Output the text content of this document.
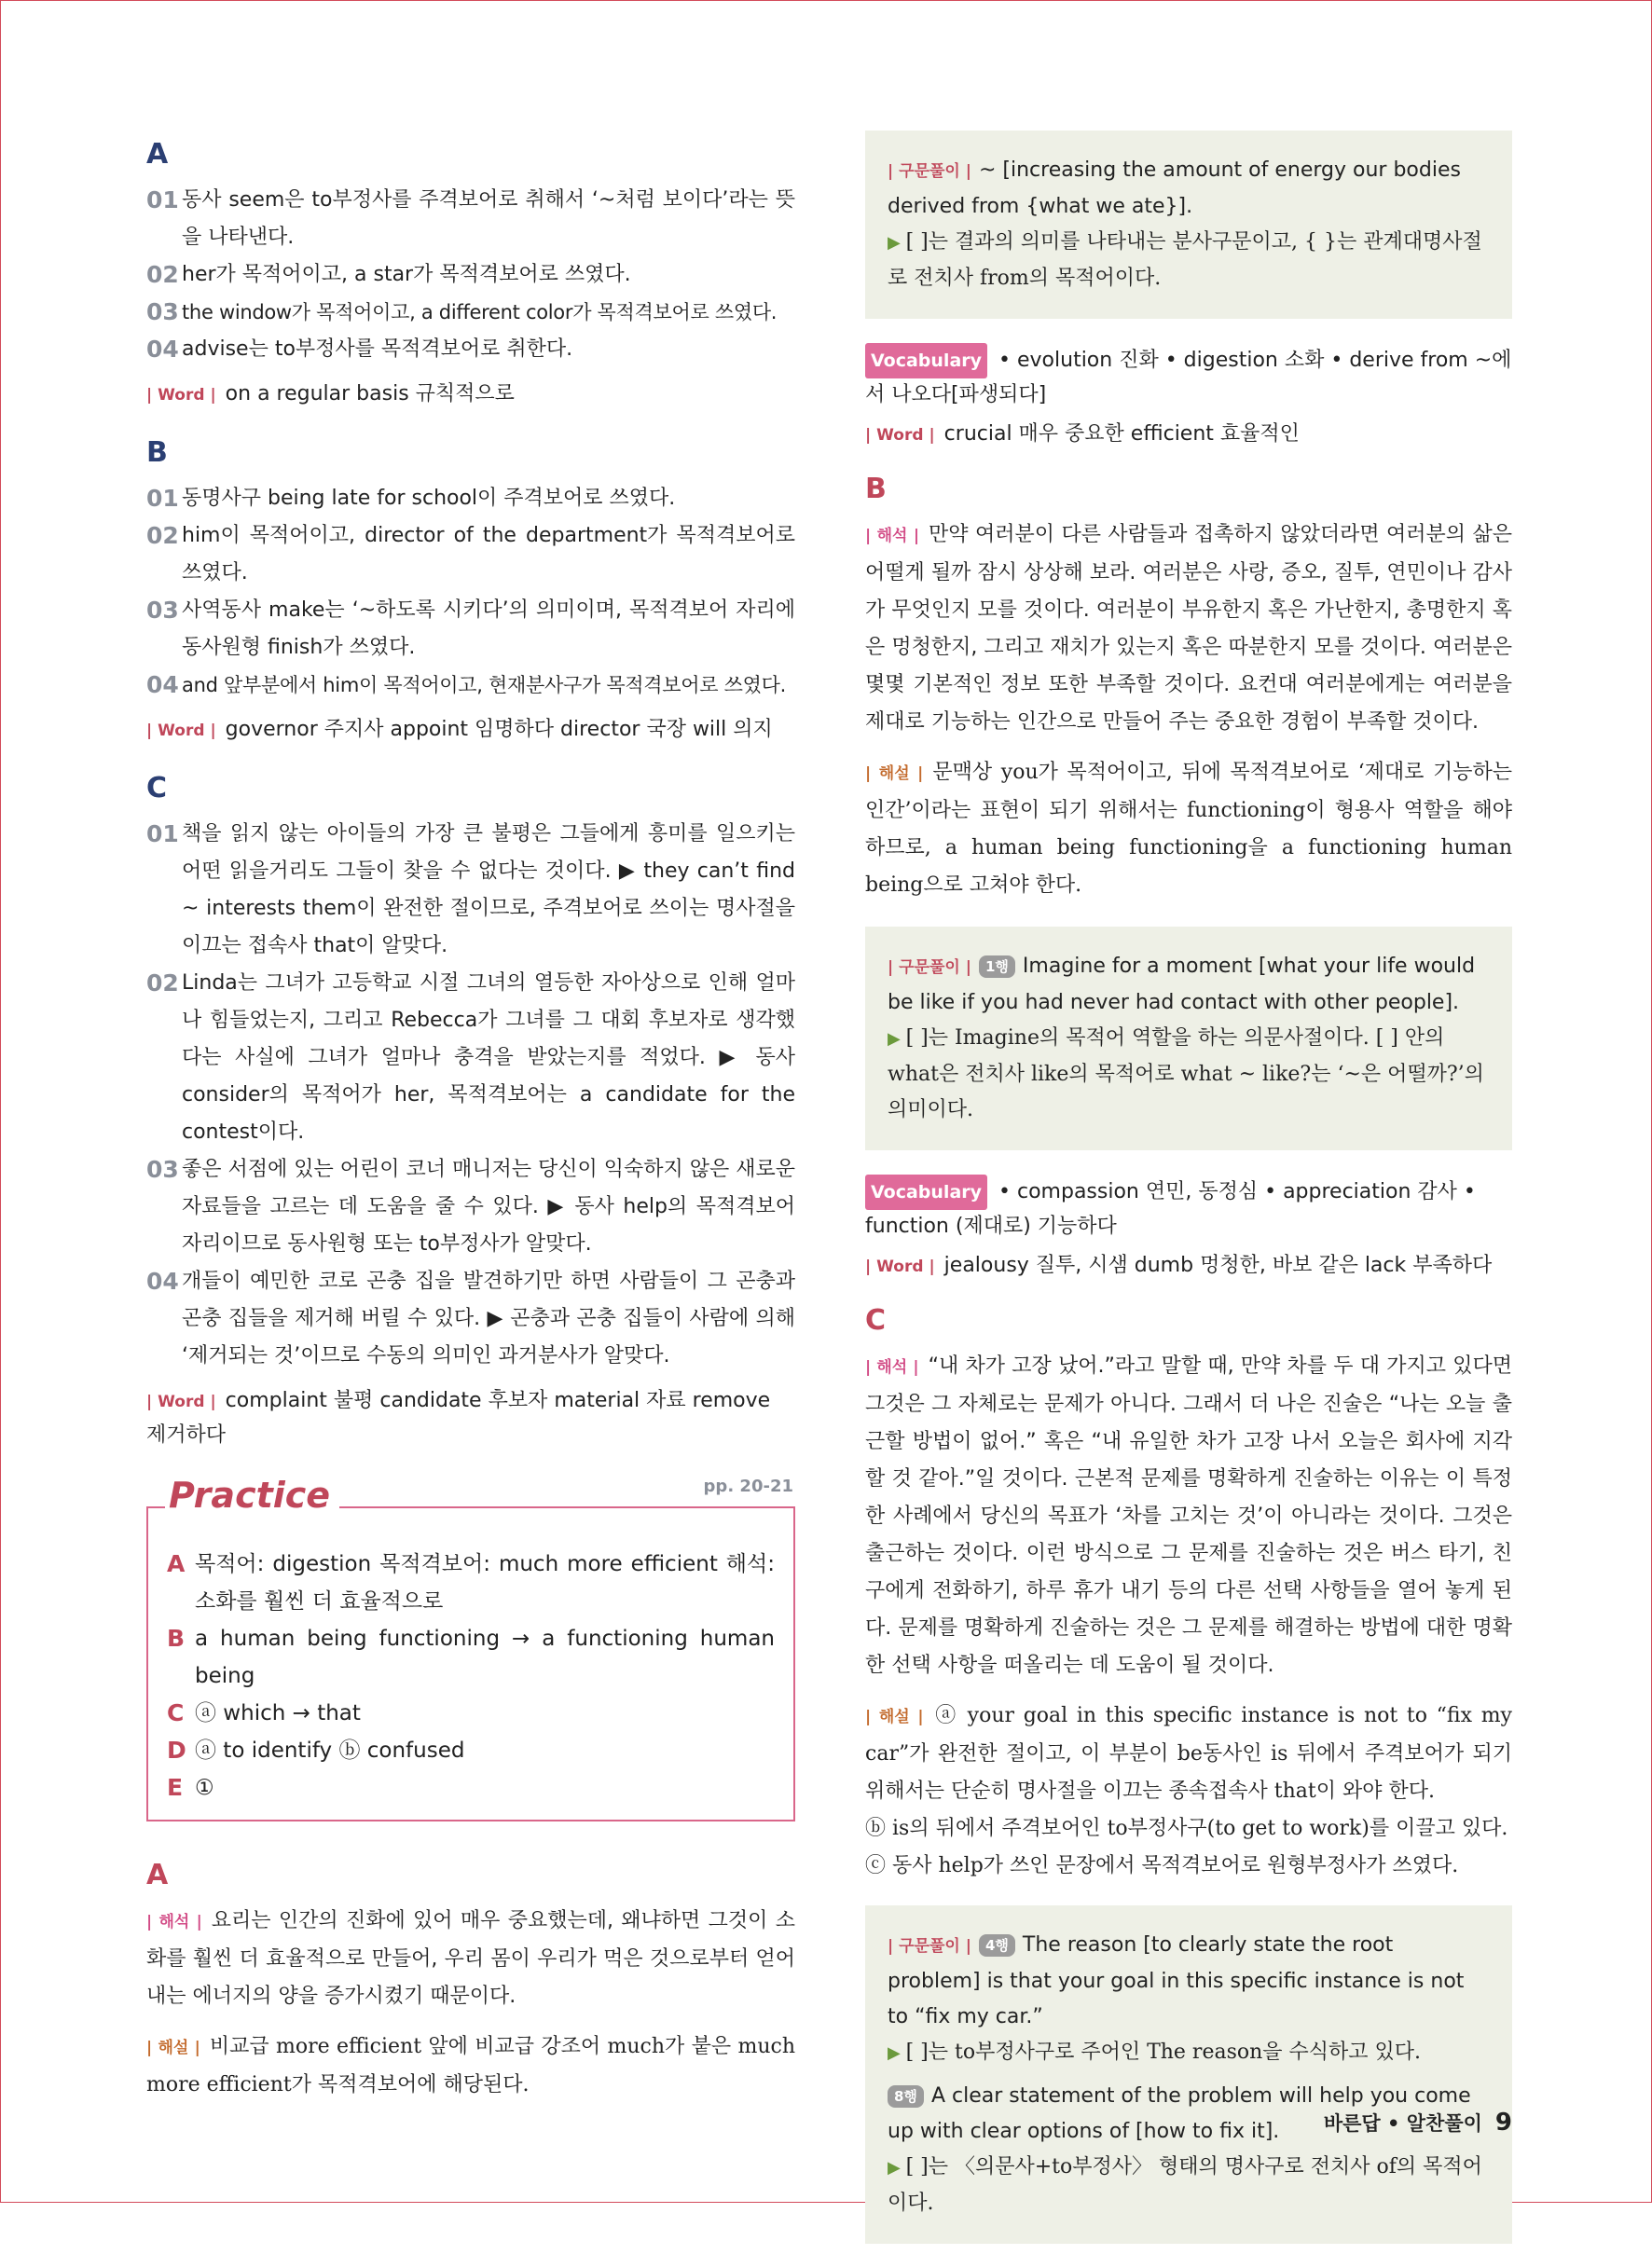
A
01 동사 seem은 to부정사를 주격보어로 취해서 ‘~처럼 보이다’라는 뜻을 나타낸다.
02 her가 목적어이고, a star가 목적격보어로 쓰였다.
03 the window가 목적어이고, a different color가 목적격보어로 쓰였다.
04 advise는 to부정사를 목적격보어로 취한다.
| Word | on a regular basis 규칙적으로
B
01 동명사구 being late for school이 주격보어로 쓰였다.
02 him이 목적어이고, director of the department가 목적격보어로 쓰였다.
03 사역동사 make는 ‘~하도록 시키다’의 의미이며, 목적격보어 자리에 동사원형 finish가 쓰였다.
04 and 앞부분에서 him이 목적어이고, 현재분사구가 목적격보어로 쓰였다.
| Word | governor 주지사 appoint 임명하다 director 국장 will 의지
C
01 책을 읽지 않는 아이들의 가장 큰 불평은 그들에게 흥미를 일으키는 어떤 읽을거리도 그들이 찾을 수 없다는 것이다. ▶ they can’t find ~ interests them이 완전한 절이므로, 주격보어로 쓰이는 명사절을 이끄는 접속사 that이 알맞다.
02 Linda는 그녀가 고등학교 시절 그녀의 열등한 자아상으로 인해 얼마나 힘들었는지, 그리고 Rebecca가 그녀를 그 대회 후보자로 생각했다는 사실에 그녀가 얼마나 충격을 받았는지를 적었다. ▶ 동사 consider의 목적어가 her, 목적격보어는 a candidate for the contest이다.
03 좋은 서점에 있는 어린이 코너 매니저는 당신이 익숙하지 않은 새로운 자료들을 고르는 데 도움을 줄 수 있다. ▶ 동사 help의 목적격보어 자리이므로 동사원형 또는 to부정사가 알맞다.
04 개들이 예민한 코로 곤충 집을 발견하기만 하면 사람들이 그 곤충과 곤충 집들을 제거해 버릴 수 있다. ▶ 곤충과 곤충 집들이 사람에 의해 ‘제거되는 것’이므로 수동의 의미인 과거분사가 알맞다.
| Word | complaint 불평 candidate 후보자 material 자료 remove 제거하다
Practice	pp. 20-21
A 목적어: digestion 목적격보어: much more efficient 해석: 소화를 훨씬 더 효율적으로
B a human being functioning → a functioning human being
C ⓐ which → that
D ⓐ to identify ⓑ confused
E ①
A

| 해석 | 요리는 인간의 진화에 있어 매우 중요했는데, 왜냐하면 그것이 소화를 훨씬 더 효율적으로 만들어, 우리 몸이 우리가 먹은 것으로부터 얻어내는 에너지의 양을 증가시켰기 때문이다.

| 해설 | 비교급 more efficient 앞에 비교급 강조어 much가 붙은 much more efficient가 목적격보어에 해당된다.

| 구문풀이 | ~ [increasing the amount of energy our bodies derived from {what we ate}].

▶ [ ]는 결과의 의미를 나타내는 분사구문이고, { }는 관계대명사절로 전치사 from의 목적어이다.

Vocabulary • evolution 진화 • digestion 소화 • derive from ~에서 나오다[파생되다]
| Word | crucial 매우 중요한 efficient 효율적인
B

| 해석 | 만약 여러분이 다른 사람들과 접촉하지 않았더라면 여러분의 삶은 어떨게 될까 잠시 상상해 보라. 여러분은 사랑, 증오, 질투, 연민이나 감사가 무엇인지 모를 것이다. 여러분이 부유한지 혹은 가난한지, 총명한지 혹은 멍청한지, 그리고 재치가 있는지 혹은 따분한지 모를 것이다. 여러분은 몇몇 기본적인 정보 또한 부족할 것이다. 요컨대 여러분에게는 여러분을 제대로 기능하는 인간으로 만들어 주는 중요한 경험이 부족할 것이다.

| 해설 | 문맥상 you가 목적어이고, 뒤에 목적격보어로 ‘제대로 기능하는 인간’이라는 표현이 되기 위해서는 functioning이 형용사 역할을 해야 하므로, a human being functioning을 a functioning human being으로 고쳐야 한다.

| 구문풀이 | 1행 Imagine for a moment [what your life would be like if you had never had contact with other people].

▶ [ ]는 Imagine의 목적어 역할을 하는 의문사절이다. [ ] 안의 what은 전치사 like의 목적어로 what ~ like?는 ‘~은 어떨까?’의 의미이다.

Vocabulary • compassion 연민, 동정심 • appreciation 감사 • function (제대로) 기능하다
| Word | jealousy 질투, 시샘 dumb 멍청한, 바보 같은 lack 부족하다
C

| 해석 | “내 차가 고장 났어.”라고 말할 때, 만약 차를 두 대 가지고 있다면 그것은 그 자체로는 문제가 아니다. 그래서 더 나은 진술은 “나는 오늘 출근할 방법이 없어.” 혹은 “내 유일한 차가 고장 나서 오늘은 회사에 지각할 것 같아.”일 것이다. 근본적 문제를 명확하게 진술하는 이유는 이 특정한 사례에서 당신의 목표가 ‘차를 고치는 것’이 아니라는 것이다. 그것은 출근하는 것이다. 이런 방식으로 그 문제를 진술하는 것은 버스 타기, 친구에게 전화하기, 하루 휴가 내기 등의 다른 선택 사항들을 열어 놓게 된다. 문제를 명확하게 진술하는 것은 그 문제를 해결하는 방법에 대한 명확한 선택 사항을 떠올리는 데 도움이 될 것이다.

| 해설 | ⓐ your goal in this specific instance is not to “fix my car”가 완전한 절이고, 이 부분이 be동사인 is 뒤에서 주격보어가 되기 위해서는 단순히 명사절을 이끄는 종속접속사 that이 와야 한다.
ⓑ is의 뒤에서 주격보어인 to부정사구(to get to work)를 이끌고 있다.
ⓒ 동사 help가 쓰인 문장에서 목적격보어로 원형부정사가 쓰였다.

| 구문풀이 | 4행 The reason [to clearly state the root problem] is that your goal in this specific instance is not to “fix my car.”

▶ [ ]는 to부정사구로 주어인 The reason을 수식하고 있다.

8행 A clear statement of the problem will help you come up with clear options of [how to fix it].

▶ [ ]는 〈의문사+to부정사〉 형태의 명사구로 전치사 of의 목적어이다.

바른답 • 알찬풀이 9
